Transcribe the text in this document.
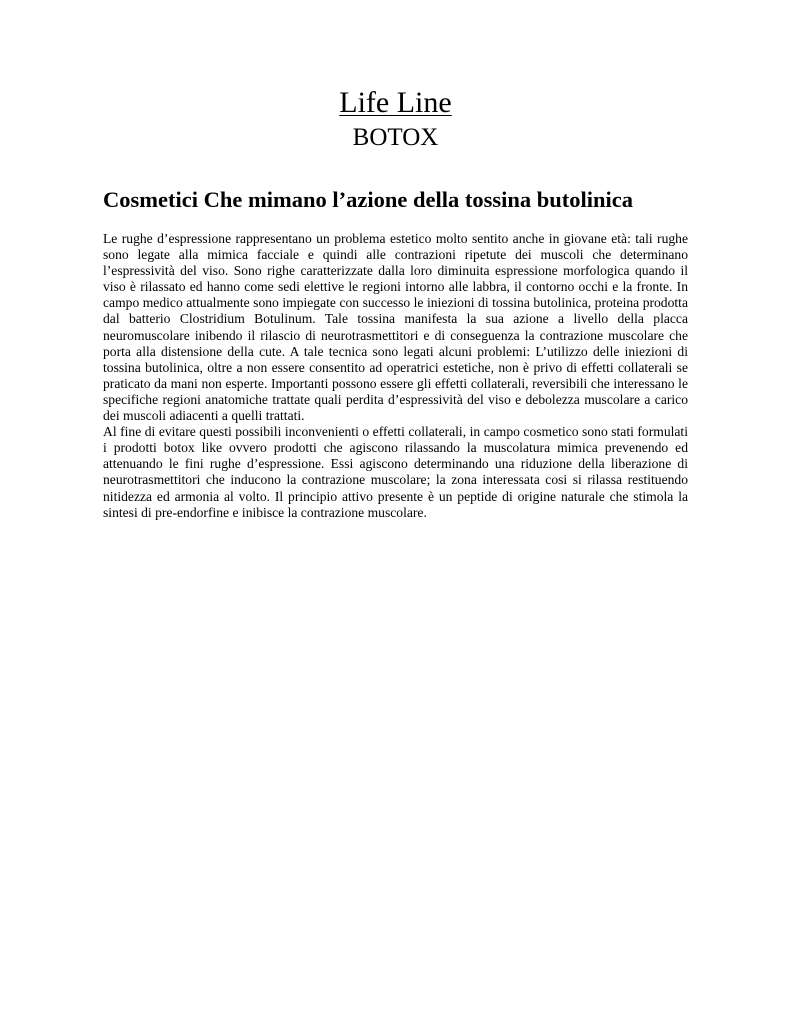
Life Line
BOTOX
Cosmetici Che mimano l’azione della tossina butolinica

Le rughe d’espressione rappresentano un problema estetico molto sentito anche in giovane età: tali rughe sono legate alla mimica facciale e quindi alle contrazioni ripetute dei muscoli che determinano l’espressività del viso. Sono righe caratterizzate dalla loro diminuita espressione morfologica quando il viso è rilassato ed hanno come sedi elettive le regioni intorno alle labbra, il contorno occhi e la fronte. In campo medico attualmente sono impiegate con successo le iniezioni di tossina butolinica, proteina prodotta dal batterio Clostridium Botulinum. Tale tossina manifesta la sua azione a livello della placca neuromuscolare inibendo il rilascio di neurotrasmettitori e di conseguenza la contrazione muscolare che porta alla distensione della cute. A tale tecnica sono legati alcuni problemi: L’utilizzo delle iniezioni di tossina butolinica, oltre a non essere consentito ad operatrici estetiche, non è privo di effetti collaterali se praticato da mani non esperte. Importanti possono essere gli effetti collaterali, reversibili che interessano le specifiche regioni anatomiche trattate quali perdita d’espressività del viso e debolezza muscolare a carico dei muscoli adiacenti a quelli trattati.

Al fine di evitare questi possibili inconvenienti o effetti collaterali, in campo cosmetico sono stati formulati i prodotti botox like ovvero prodotti che agiscono rilassando la muscolatura mimica prevenendo ed attenuando le fini rughe d’espressione. Essi agiscono determinando una riduzione della liberazione di neurotrasmettitori che inducono la contrazione muscolare; la zona interessata cosi si rilassa restituendo nitidezza ed armonia al volto. Il principio attivo presente è un peptide di origine naturale che stimola la sintesi di pre-endorfine e inibisce la contrazione muscolare.
